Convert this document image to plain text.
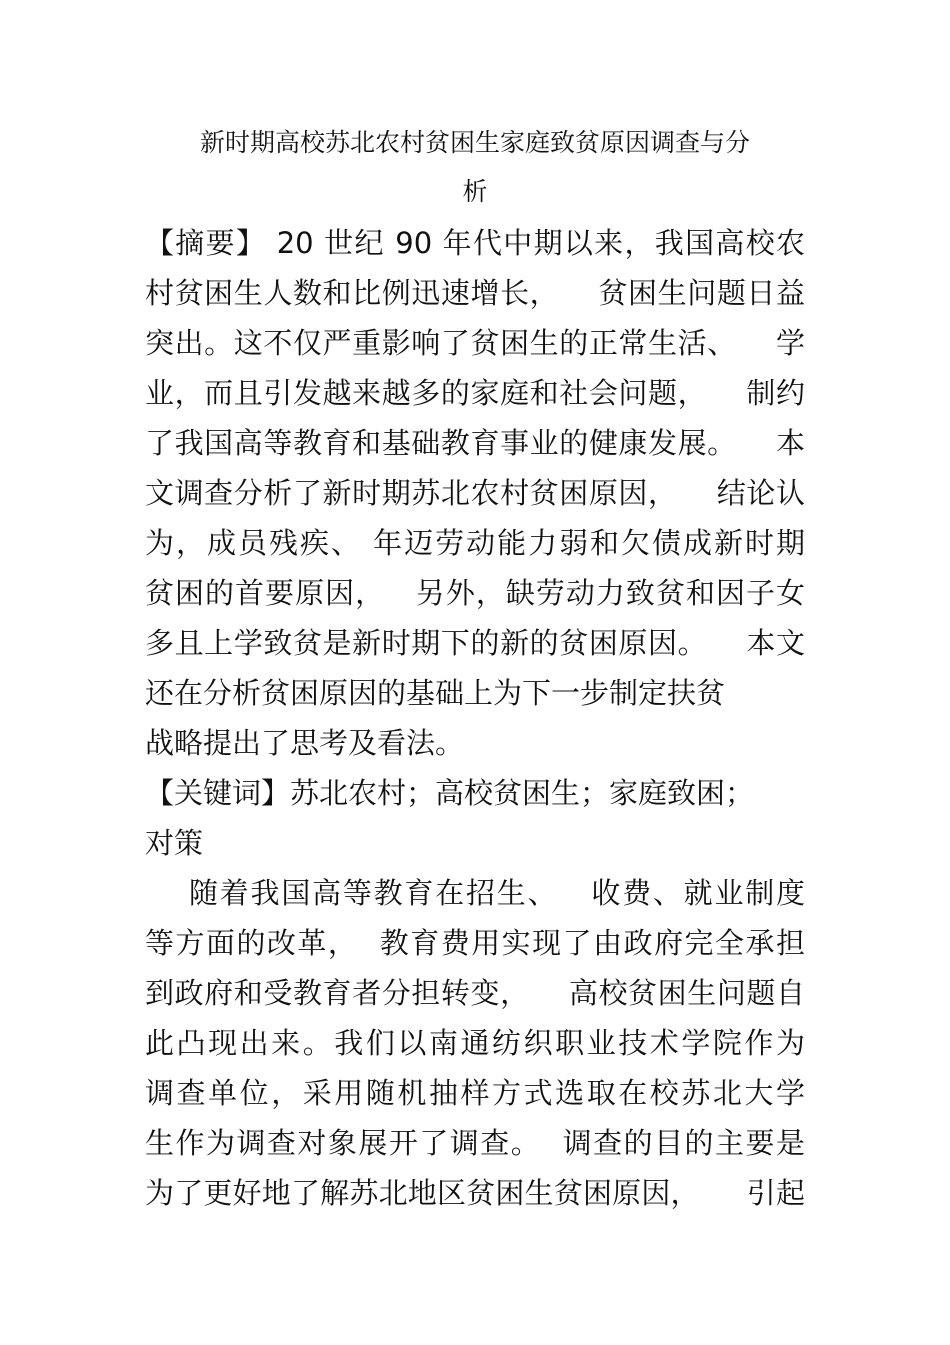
新时期高校苏北农村贫困生家庭致贫原因调查与分
析
【摘要】 20 世纪 90 年代中期以来，我国高校农
村贫困生人数和比例迅速增长，    贫困生问题日益
突出。这不仅严重影响了贫困生的正常生活、    学
业，而且引发越来越多的家庭和社会问题，    制约
了我国高等教育和基础教育事业的健康发展。    本
文调查分析了新时期苏北农村贫困原因，    结论认
为，成员残疾、 年迈劳动能力弱和欠债成新时期
贫困的首要原因，   另外，缺劳动力致贫和因子女
多且上学致贫是新时期下的新的贫困原因。    本文
还在分析贫困原因的基础上为下一步制定扶贫
战略提出了思考及看法。
【关键词】苏北农村；高校贫困生；家庭致困；
对策
随着我国高等教育在招生、   收费、就业制度
等方面的改革，  教育费用实现了由政府完全承担
到政府和受教育者分担转变，    高校贫困生问题自
此凸现出来。我们以南通纺织职业技术学院作为
调查单位，采用随机抽样方式选取在校苏北大学
生作为调查对象展开了调查。  调查的目的主要是
为了更好地了解苏北地区贫困生贫困原因，     引起
